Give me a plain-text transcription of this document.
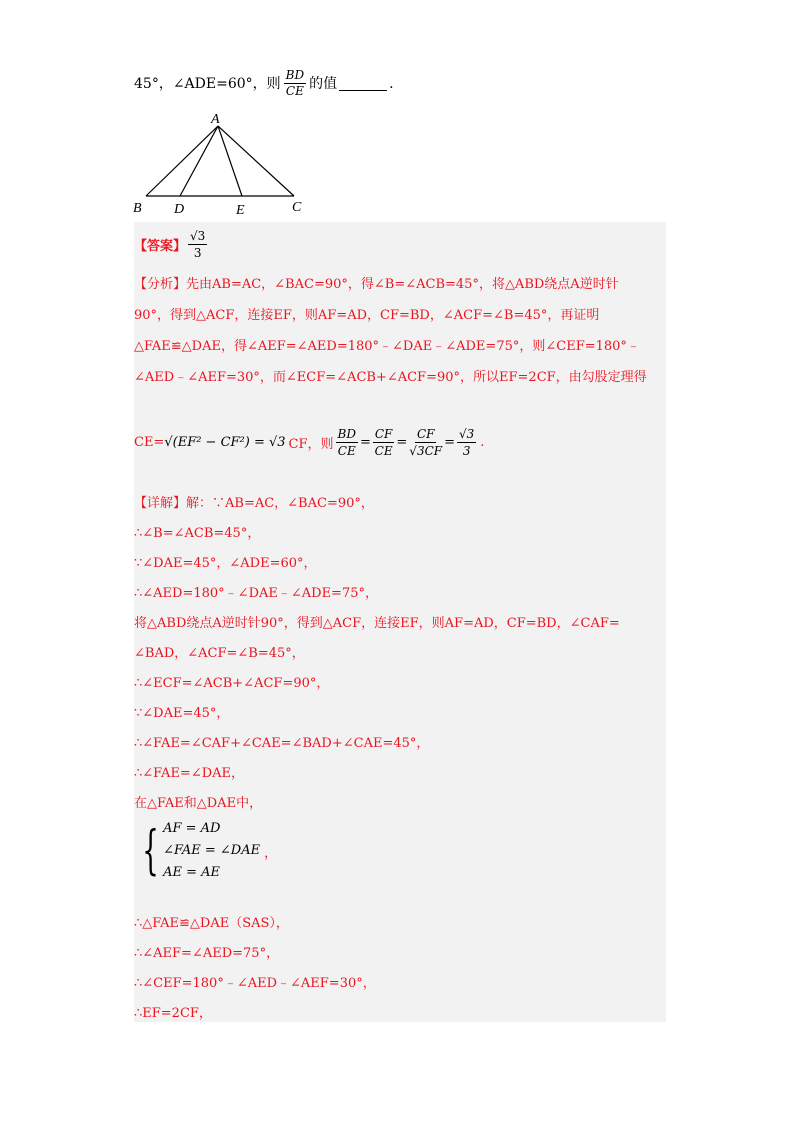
45°，∠ADE=60°，则 $\frac{BD}{CE}$ 的值	.
A
B D	E	C
【答案】 $\frac{√3}{3}$
【分析】先由AB=AC，∠BAC=90°，得∠B=∠ACB=45°，将△ABD绕点A逆时针
90°，得到△ACF，连接EF，则AF=AD，CF=BD，∠ACF=∠B=45°，再证明
△FAE≌△DAE，得∠AEF=∠AED=180°﹣∠DAE﹣∠ADE=75°，则∠CEF=180°﹣
∠AED﹣∠AEF=30°，而∠ECF=∠ACB+∠ACF=90°，所以EF=2CF，由勾股定理得
CE= √(EF² − CF²) = √3 CF，则 $\frac{BD}{CE} = \frac{CF}{CE} = \frac{CF}{√3CF} = \frac{√3}{3}$ .
【详解】解：∵AB=AC，∠BAC=90°，
∴∠B=∠ACB=45°，
∵∠DAE=45°，∠ADE=60°，
∴∠AED=180°﹣∠DAE﹣∠ADE=75°，
将△ABD绕点A逆时针90°，得到△ACF，连接EF，则AF=AD，CF=BD，∠CAF=
∠BAD，∠ACF=∠B=45°，
∴∠ECF=∠ACB+∠ACF=90°，
∵∠DAE=45°，
∴∠FAE=∠CAF+∠CAE=∠BAD+∠CAE=45°，
∴∠FAE=∠DAE，
在△FAE和△DAE中，
{ AF = AD
∠FAE = ∠DAE
AE = AE
，
∴△FAE≌△DAE（SAS），
∴∠AEF=∠AED=75°，
∴∠CEF=180°﹣∠AED﹣∠AEF=30°，
∴EF=2CF，
